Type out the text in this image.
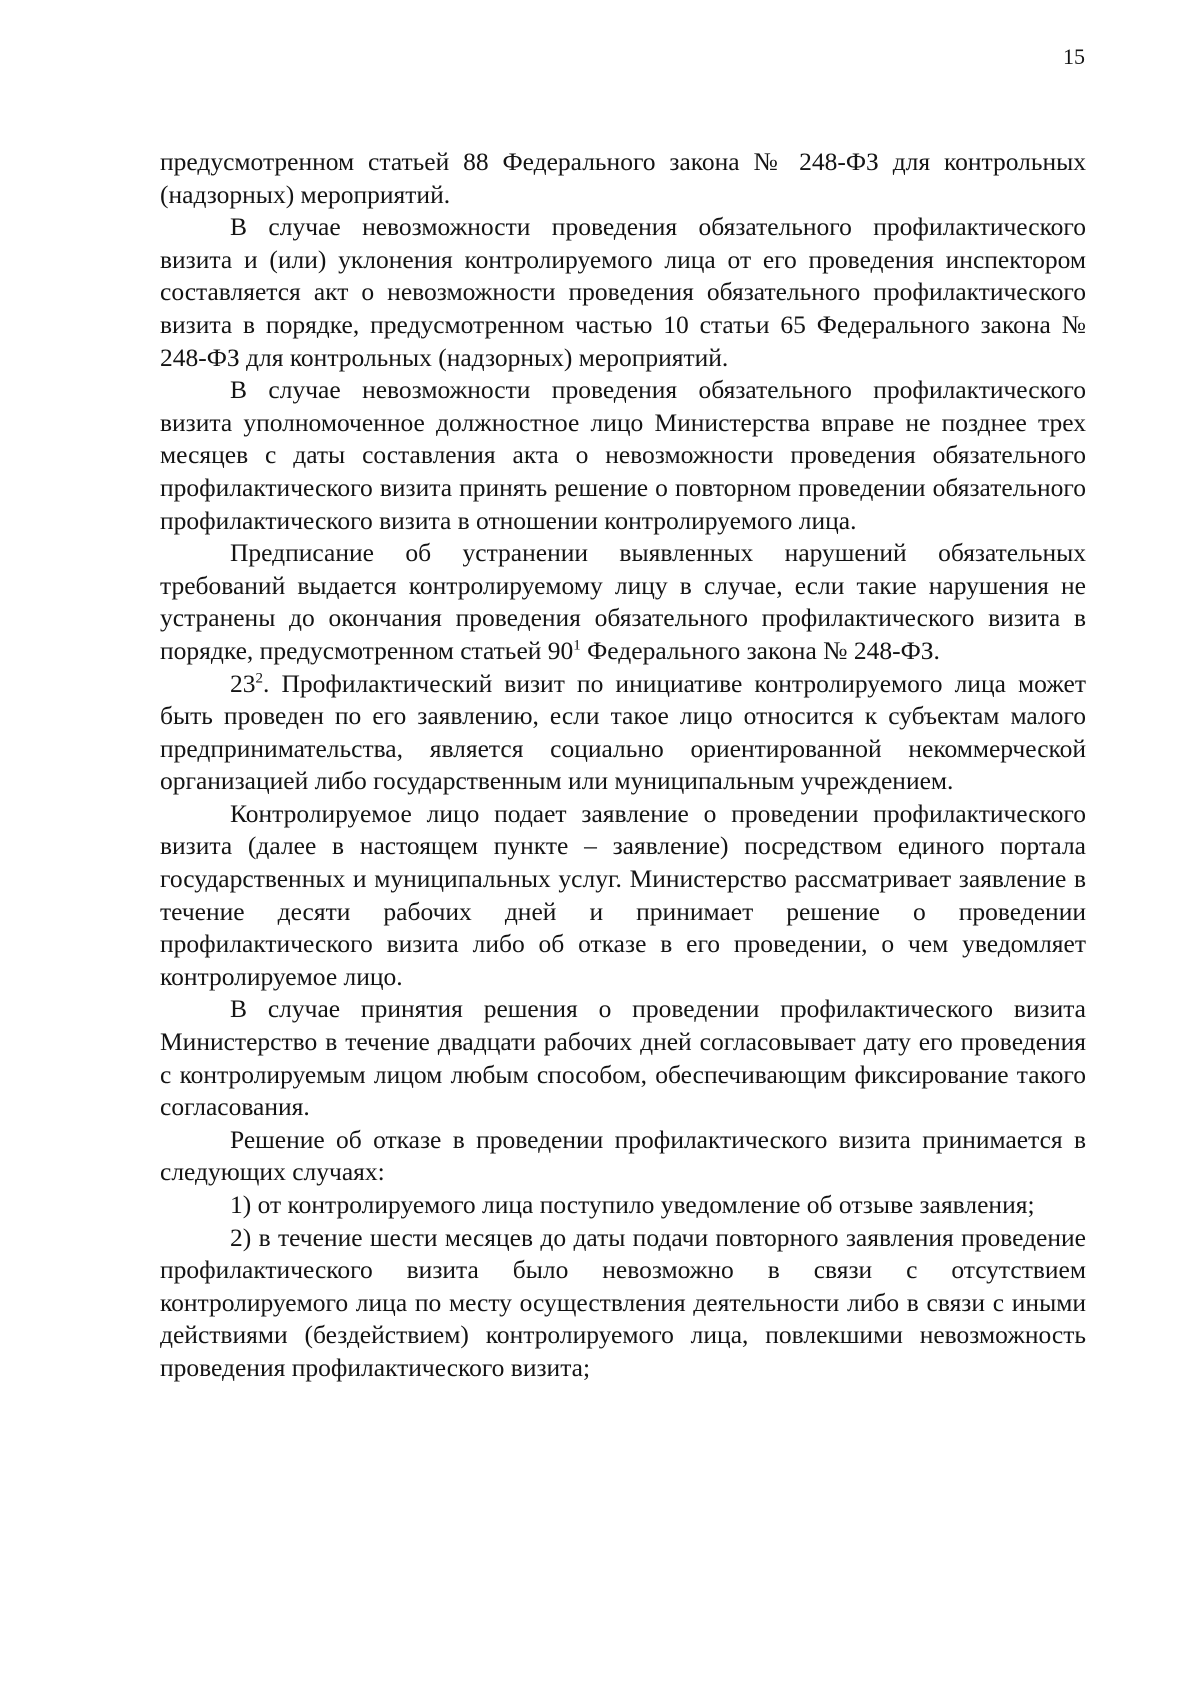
15

предусмотренном статьей 88 Федерального закона № 248-ФЗ для контрольных (надзорных) мероприятий.

В случае невозможности проведения обязательного профилактического визита и (или) уклонения контролируемого лица от его проведения инспектором составляется акт о невозможности проведения обязательного профилактического визита в порядке, предусмотренном частью 10 статьи 65 Федерального закона № 248-ФЗ для контрольных (надзорных) мероприятий.

В случае невозможности проведения обязательного профилактического визита уполномоченное должностное лицо Министерства вправе не позднее трех месяцев с даты составления акта о невозможности проведения обязательного профилактического визита принять решение о повторном проведении обязательного профилактического визита в отношении контролируемого лица.

Предписание об устранении выявленных нарушений обязательных требований выдается контролируемому лицу в случае, если такие нарушения не устранены до окончания проведения обязательного профилактического визита в порядке, предусмотренном статьей $90^1$ Федерального закона № 248-ФЗ.

$23^2$. Профилактический визит по инициативе контролируемого лица может быть проведен по его заявлению, если такое лицо относится к субъектам малого предпринимательства, является социально ориентированной некоммерческой организацией либо государственным или муниципальным учреждением.

Контролируемое лицо подает заявление о проведении профилактического визита (далее в настоящем пункте – заявление) посредством единого портала государственных и муниципальных услуг. Министерство рассматривает заявление в течение десяти рабочих дней и принимает решение о проведении профилактического визита либо об отказе в его проведении, о чем уведомляет контролируемое лицо.

В случае принятия решения о проведении профилактического визита Министерство в течение двадцати рабочих дней согласовывает дату его проведения с контролируемым лицом любым способом, обеспечивающим фиксирование такого согласования.

Решение об отказе в проведении профилактического визита принимается в следующих случаях:

1) от контролируемого лица поступило уведомление об отзыве заявления;

2) в течение шести месяцев до даты подачи повторного заявления проведение профилактического визита было невозможно в связи с отсутствием контролируемого лица по месту осуществления деятельности либо в связи с иными действиями (бездействием) контролируемого лица, повлекшими невозможность проведения профилактического визита;
